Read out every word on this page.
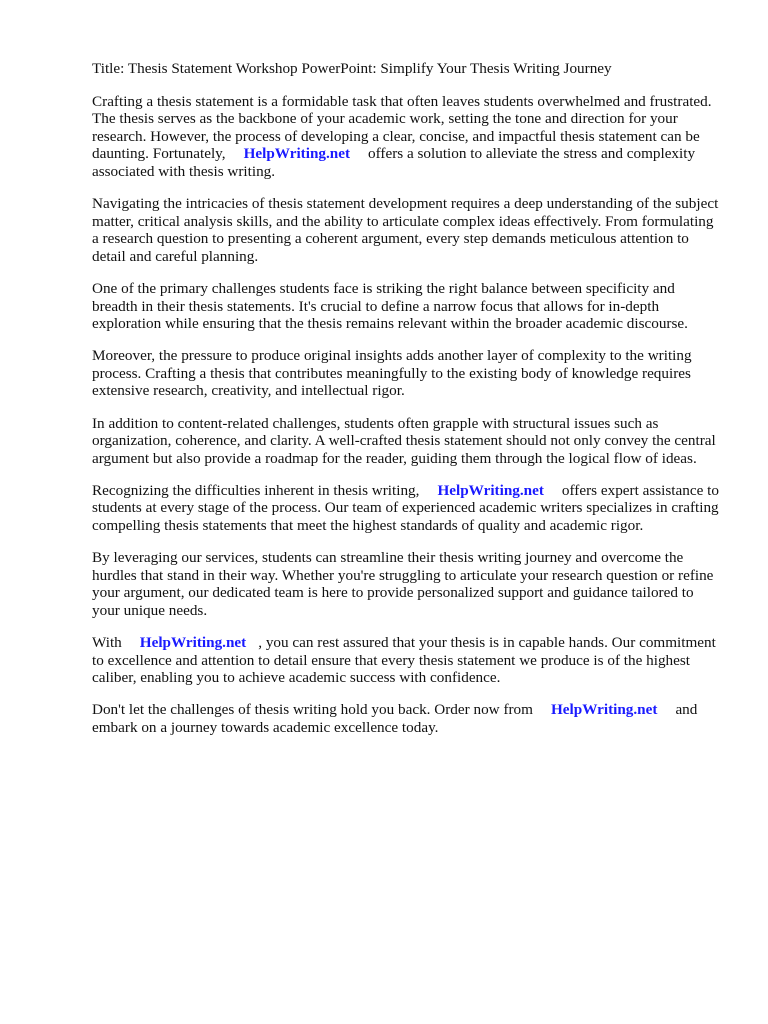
Title: Thesis Statement Workshop PowerPoint: Simplify Your Thesis Writing Journey

Crafting a thesis statement is a formidable task that often leaves students overwhelmed and frustrated. The thesis serves as the backbone of your academic work, setting the tone and direction for your research. However, the process of developing a clear, concise, and impactful thesis statement can be daunting. Fortunately, HelpWriting.net offers a solution to alleviate the stress and complexity associated with thesis writing.

Navigating the intricacies of thesis statement development requires a deep understanding of the subject matter, critical analysis skills, and the ability to articulate complex ideas effectively. From formulating a research question to presenting a coherent argument, every step demands meticulous attention to detail and careful planning.

One of the primary challenges students face is striking the right balance between specificity and breadth in their thesis statements. It's crucial to define a narrow focus that allows for in-depth exploration while ensuring that the thesis remains relevant within the broader academic discourse.

Moreover, the pressure to produce original insights adds another layer of complexity to the writing process. Crafting a thesis that contributes meaningfully to the existing body of knowledge requires extensive research, creativity, and intellectual rigor.

In addition to content-related challenges, students often grapple with structural issues such as organization, coherence, and clarity. A well-crafted thesis statement should not only convey the central argument but also provide a roadmap for the reader, guiding them through the logical flow of ideas.

Recognizing the difficulties inherent in thesis writing, HelpWriting.net offers expert assistance to students at every stage of the process. Our team of experienced academic writers specializes in crafting compelling thesis statements that meet the highest standards of quality and academic rigor.

By leveraging our services, students can streamline their thesis writing journey and overcome the hurdles that stand in their way. Whether you're struggling to articulate your research question or refine your argument, our dedicated team is here to provide personalized support and guidance tailored to your unique needs.

With HelpWriting.net , you can rest assured that your thesis is in capable hands. Our commitment to excellence and attention to detail ensure that every thesis statement we produce is of the highest caliber, enabling you to achieve academic success with confidence.

Don't let the challenges of thesis writing hold you back. Order now from HelpWriting.net and embark on a journey towards academic excellence today.
